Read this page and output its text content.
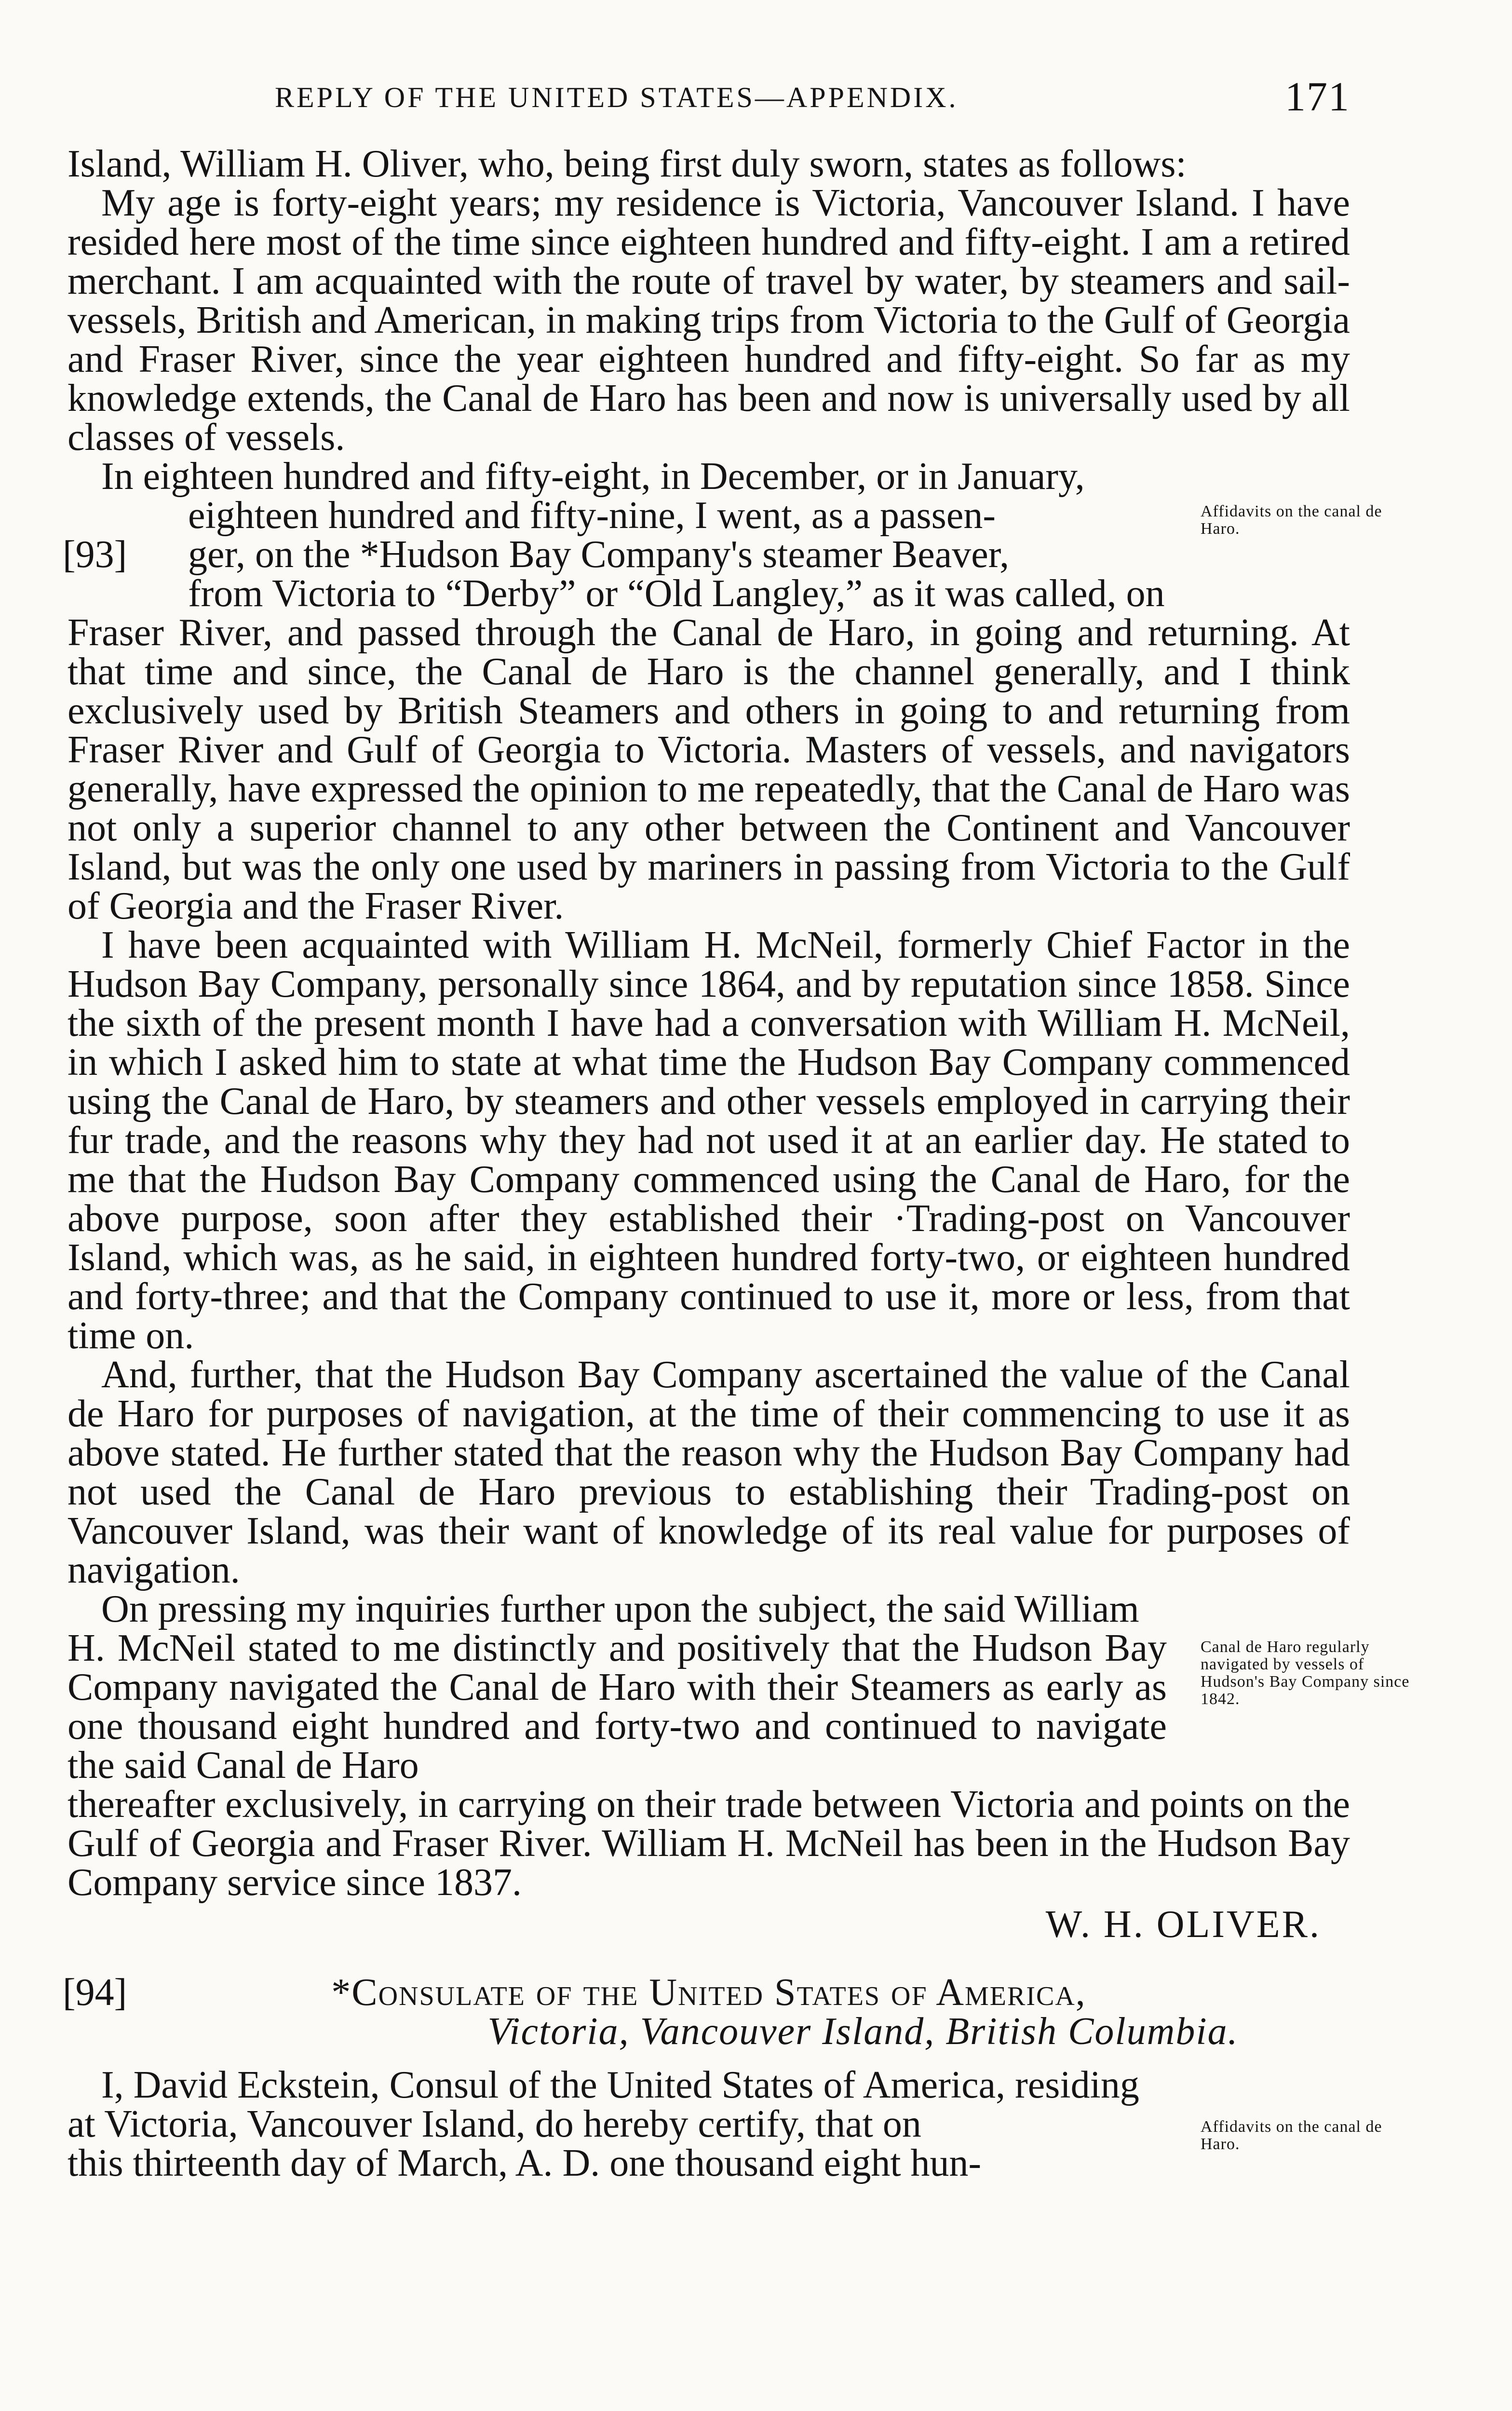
REPLY OF THE UNITED STATES—APPENDIX.	171

Island, William H. Oliver, who, being first duly sworn, states as follows:

My age is forty-eight years; my residence is Victoria, Vancouver Island. I have resided here most of the time since eighteen hundred and fifty-eight. I am a retired merchant. I am acquainted with the route of travel by water, by steamers and sail-vessels, British and American, in making trips from Victoria to the Gulf of Georgia and Fraser River, since the year eighteen hundred and fifty-eight. So far as my knowledge extends, the Canal de Haro has been and now is universally used by all classes of vessels.

In eighteen hundred and fifty-eight, in December, or in January,

Affidavits on the canal de Haro.

eighteen hundred and fifty-nine, I went, as a passen-

[93]	ger, on the *Hudson Bay Company's steamer Beaver,

from Victoria to “Derby” or “Old Langley,” as it was called, on

Fraser River, and passed through the Canal de Haro, in going and returning. At that time and since, the Canal de Haro is the channel generally, and I think exclusively used by British Steamers and others in going to and returning from Fraser River and Gulf of Georgia to Victoria. Masters of vessels, and navigators generally, have expressed the opinion to me repeatedly, that the Canal de Haro was not only a superior channel to any other between the Continent and Vancouver Island, but was the only one used by mariners in passing from Victoria to the Gulf of Georgia and the Fraser River.

I have been acquainted with William H. McNeil, formerly Chief Factor in the Hudson Bay Company, personally since 1864, and by reputation since 1858. Since the sixth of the present month I have had a conversation with William H. McNeil, in which I asked him to state at what time the Hudson Bay Company commenced using the Canal de Haro, by steamers and other vessels employed in carrying their fur trade, and the reasons why they had not used it at an earlier day. He stated to me that the Hudson Bay Company commenced using the Canal de Haro, for the above purpose, soon after they established their ·Trading-post on Vancouver Island, which was, as he said, in eighteen hundred forty-two, or eighteen hundred and forty-three; and that the Company continued to use it, more or less, from that time on.

And, further, that the Hudson Bay Company ascertained the value of the Canal de Haro for purposes of navigation, at the time of their commencing to use it as above stated. He further stated that the reason why the Hudson Bay Company had not used the Canal de Haro previous to establishing their Trading-post on Vancouver Island, was their want of knowledge of its real value for purposes of navigation.

On pressing my inquiries further upon the subject, the said William

Canal de Haro regularly navigated by vessels of Hudson's Bay Company since 1842.

H. McNeil stated to me distinctly and positively that the Hudson Bay Company navigated the Canal de Haro with their Steamers as early as one thousand eight hundred and forty-two and continued to navigate the said Canal de Haro

thereafter exclusively, in carrying on their trade between Victoria and points on the Gulf of Georgia and Fraser River. William H. McNeil has been in the Hudson Bay Company service since 1837.

W. H. OLIVER.
[94]	*Consulate of the United States of America,
Victoria, Vancouver Island, British Columbia.

I, David Eckstein, Consul of the United States of America, residing

Affidavits on the canal de Haro.

at Victoria, Vancouver Island, do hereby certify, that on

this thirteenth day of March, A. D. one thousand eight hun-
